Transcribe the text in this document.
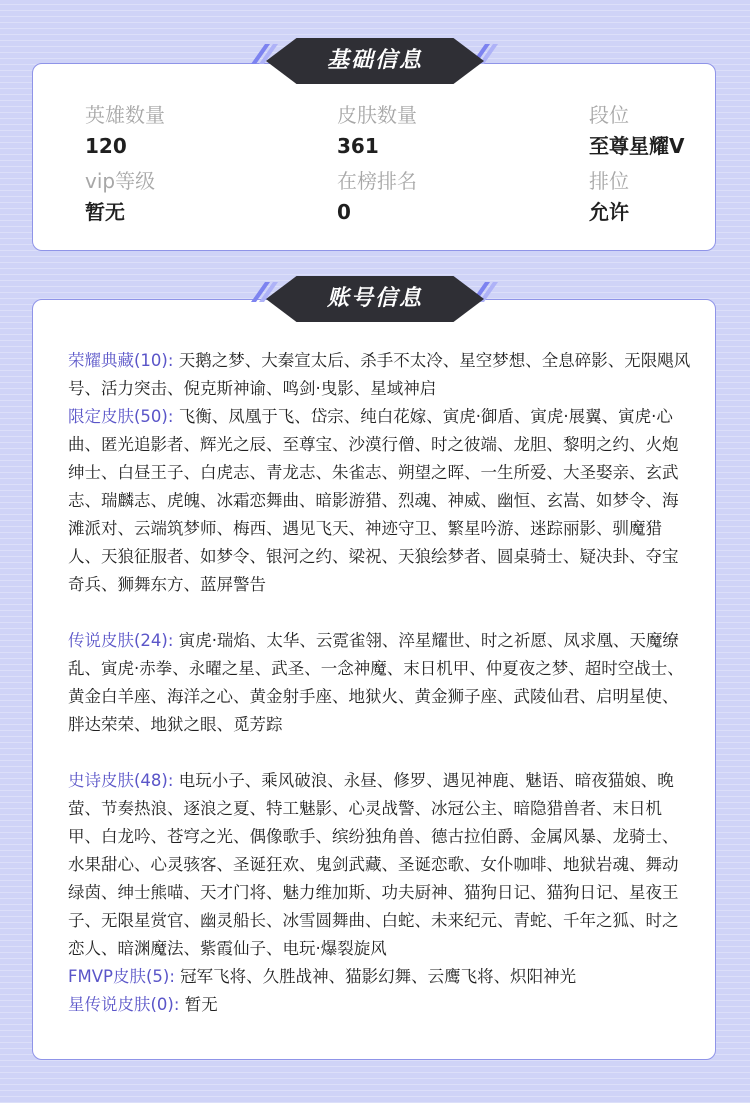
英雄数量
120
皮肤数量
361
段位
至尊星耀V
vip等级
暂无
在榜排名
0
排位
允许
基础信息

荣耀典藏(10): 天鹅之梦、大秦宣太后、杀手不太冷、星空梦想、全息碎影、无限飓风号、活力突击、倪克斯神谕、鸣剑·曳影、星域神启

限定皮肤(50): 飞衡、凤凰于飞、岱宗、纯白花嫁、寅虎·御盾、寅虎·展翼、寅虎·心曲、匿光追影者、辉光之辰、至尊宝、沙漠行僧、时之彼端、龙胆、黎明之约、火炮绅士、白昼王子、白虎志、青龙志、朱雀志、朔望之晖、一生所爱、大圣娶亲、玄武志、瑞麟志、虎魄、冰霜恋舞曲、暗影游猎、烈魂、神威、幽恒、玄嵩、如梦令、海滩派对、云端筑梦师、梅西、遇见飞天、神迹守卫、繁星吟游、迷踪丽影、驯魔猎人、天狼征服者、如梦令、银河之约、梁祝、天狼绘梦者、圆桌骑士、疑决卦、夺宝奇兵、狮舞东方、蓝屏警告

传说皮肤(24): 寅虎·瑞焰、太华、云霓雀翎、淬星耀世、时之祈愿、凤求凰、天魔缭乱、寅虎·赤拳、永曜之星、武圣、一念神魔、末日机甲、仲夏夜之梦、超时空战士、黄金白羊座、海洋之心、黄金射手座、地狱火、黄金狮子座、武陵仙君、启明星使、胖达荣荣、地狱之眼、觅芳踪

史诗皮肤(48): 电玩小子、乘风破浪、永昼、修罗、遇见神鹿、魅语、暗夜猫娘、晚萤、节奏热浪、逐浪之夏、特工魅影、心灵战警、冰冠公主、暗隐猎兽者、末日机甲、白龙吟、苍穹之光、偶像歌手、缤纷独角兽、德古拉伯爵、金属风暴、龙骑士、水果甜心、心灵骇客、圣诞狂欢、鬼剑武藏、圣诞恋歌、女仆咖啡、地狱岩魂、舞动绿茵、绅士熊喵、天才门将、魅力维加斯、功夫厨神、猫狗日记、猫狗日记、星夜王子、无限星赏官、幽灵船长、冰雪圆舞曲、白蛇、未来纪元、青蛇、千年之狐、时之恋人、暗渊魔法、紫霞仙子、电玩·爆裂旋风

FMVP皮肤(5): 冠军飞将、久胜战神、猫影幻舞、云鹰飞将、炽阳神光

星传说皮肤(0): 暂无

账号信息
